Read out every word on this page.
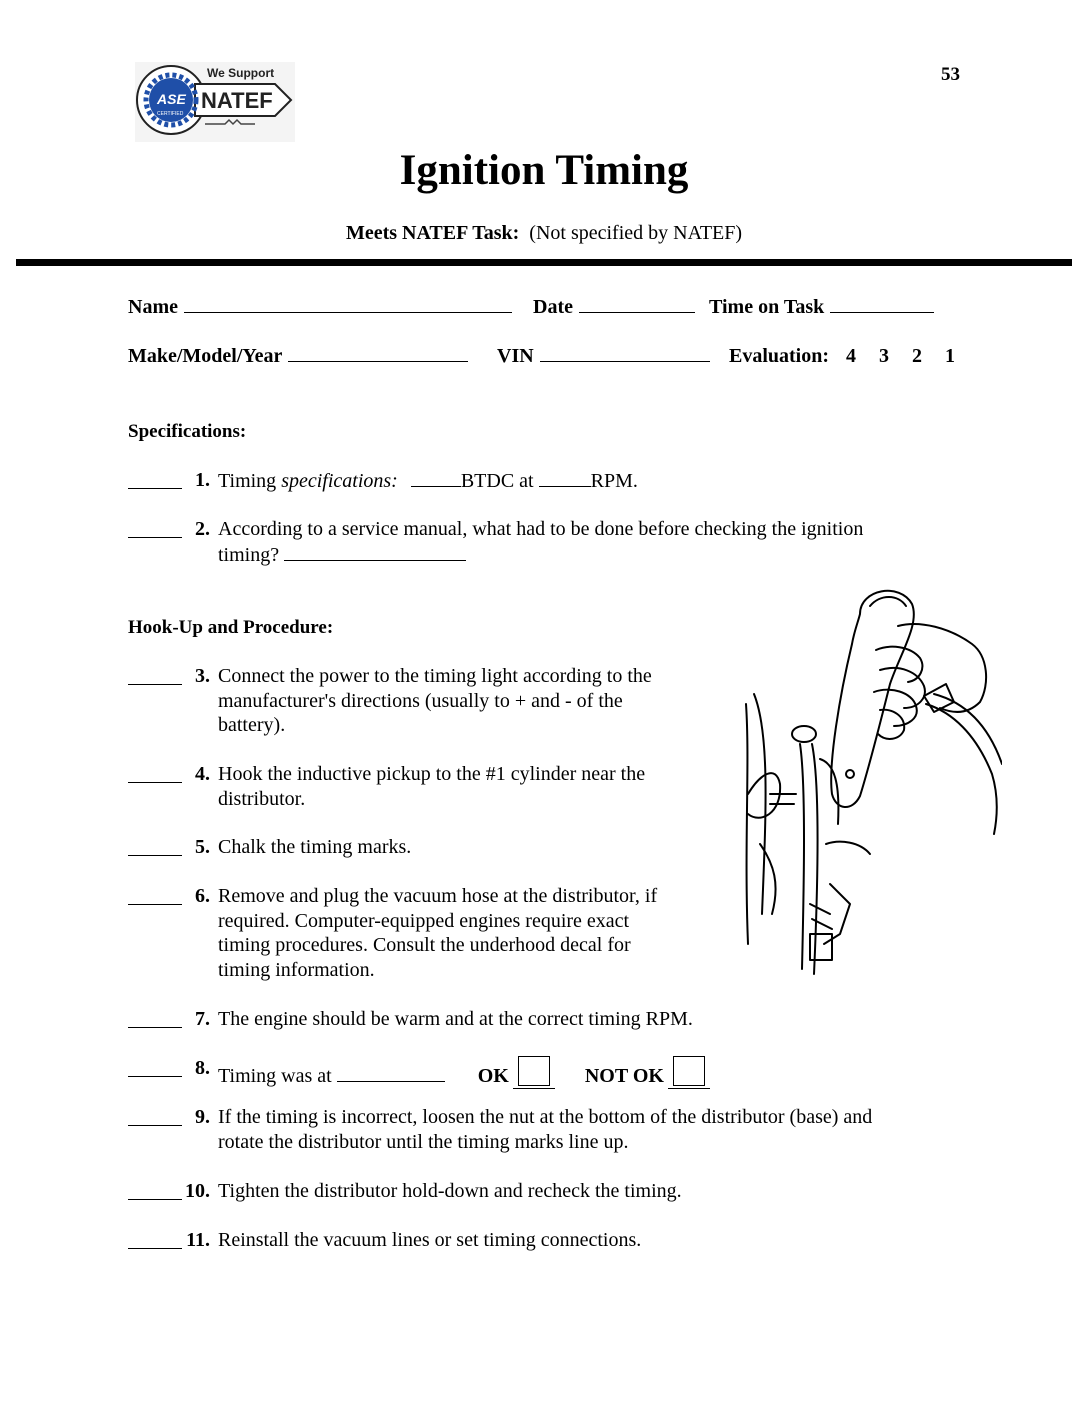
ASE
CERTIFIED
We Support
NATEF
53
Ignition Timing
Meets NATEF Task: (Not specified by NATEF)
Name	Date	Time on Task
Make/Model/Year	VIN	Evaluation: 4 3 2 1
Specifications:
1. Timing specifications:	BTDC at	RPM.
2. According to a service manual, what had to be done before checking the ignition
timing?
Hook-Up and Procedure:
3. Connect the power to the timing light according to the
manufacturer's directions (usually to + and - of the
battery).
4. Hook the inductive pickup to the #1 cylinder near the
distributor.
5. Chalk the timing marks.
6. Remove and plug the vacuum hose at the distributor, if
required. Computer-equipped engines require exact
timing procedures. Consult the underhood decal for
timing information.
7. The engine should be warm and at the correct timing RPM.
8. Timing was at	OK	NOT OK
9. If the timing is incorrect, loosen the nut at the bottom of the distributor (base) and
rotate the distributor until the timing marks line up.
10. Tighten the distributor hold-down and recheck the timing.
11. Reinstall the vacuum lines or set timing connections.
